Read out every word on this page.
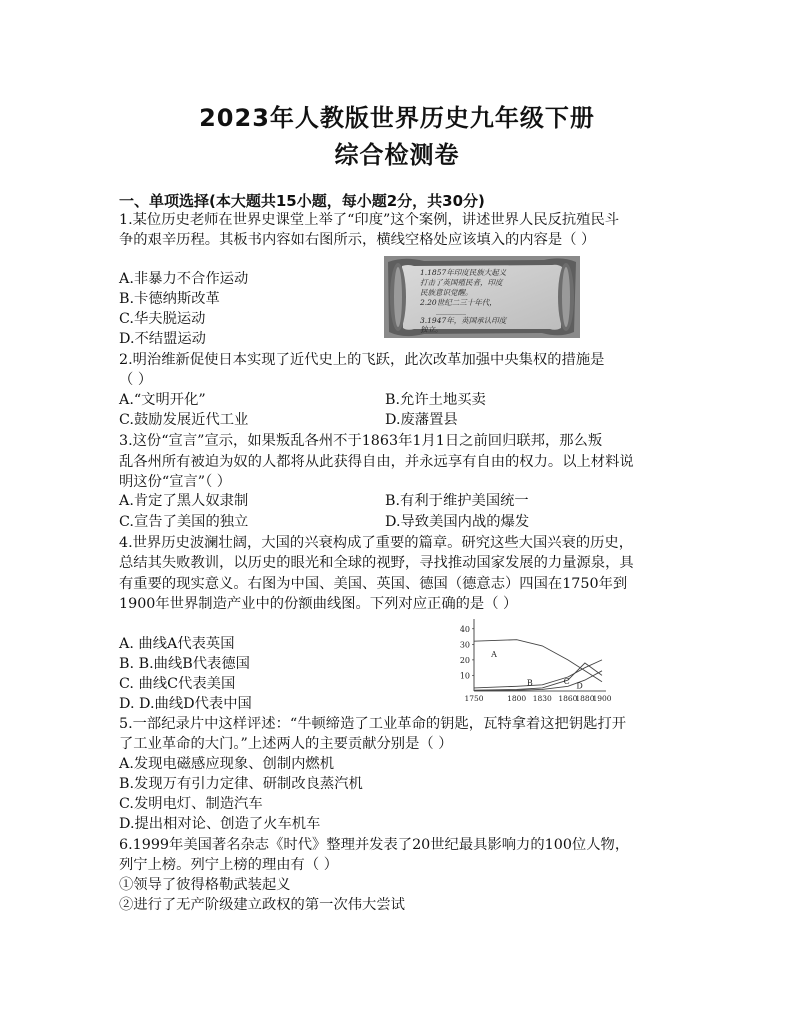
2023年人教版世界历史九年级下册
综合检测卷
一、单项选择(本大题共15小题，每小题2分，共30分)
1.某位历史老师在世界史课堂上举了“印度”这个案例，讲述世界人民反抗殖民斗
争的艰辛历程。其板书内容如右图所示，横线空格处应该填入的内容是（ ）
A.非暴力不合作运动
B.卡德纳斯改革
C.华夫脱运动
D.不结盟运动
1.1857年印度民族大起义
打击了英国殖民者，印度
民族意识觉醒。
2.20世纪二三十年代，
________
3.1947年，英国承认印度
独立。
2.明治维新促使日本实现了近代史上的飞跃，此次改革加强中央集权的措施是
（ ）
A.“文明开化”	B.允许土地买卖
C.鼓励发展近代工业	D.废藩置县
3.这份“宣言”宣示，如果叛乱各州不于1863年1月1日之前回归联邦，那么叛
乱各州所有被迫为奴的人都将从此获得自由，并永远享有自由的权力。以上材料说
明这份“宣言”（ ）
A.肯定了黑人奴隶制	B.有利于维护美国统一
C.宣告了美国的独立	D.导致美国内战的爆发
4.世界历史波澜壮阔，大国的兴衰构成了重要的篇章。研究这些大国兴衰的历史，
总结其失败教训，以历史的眼光和全球的视野，寻找推动国家发展的力量源泉，具
有重要的现实意义。右图为中国、美国、英国、德国（德意志）四国在1750年到
1900年世界制造产业中的份额曲线图。下列对应正确的是（ ）
A. 曲线A代表英国
B. B.曲线B代表德国
C. 曲线C代表美国
D. D.曲线D代表中国
10
20
30
40
1750	1800 1830 1860
1880
1900
A
B	C
D
5.一部纪录片中这样评述：“牛顿缔造了工业革命的钥匙，瓦特拿着这把钥匙打开
了工业革命的大门。”上述两人的主要贡献分别是（ ）
A.发现电磁感应现象、创制内燃机
B.发现万有引力定律、研制改良蒸汽机
C.发明电灯、制造汽车
D.提出相对论、创造了火车机车
6.1999年美国著名杂志《时代》整理并发表了20世纪最具影响力的100位人物，
列宁上榜。列宁上榜的理由有（ ）
①领导了彼得格勒武装起义
②进行了无产阶级建立政权的第一次伟大尝试
